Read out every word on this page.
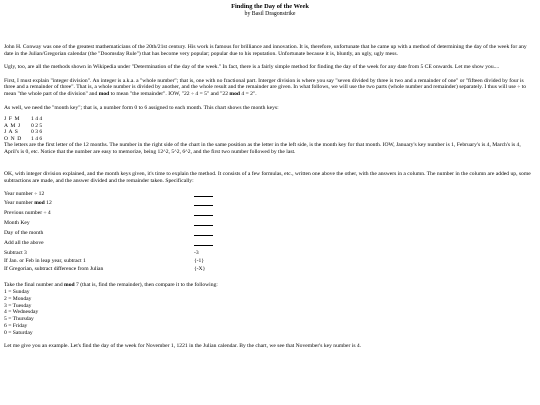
Finding the Day of the Week
by Basil Dragonstrike

John H. Conway was one of the greatest mathematicians of the 20th/21st century. His work is famous for brilliance and innovation. It is, therefore, unfortunate that he came up with a method of determining the day of the week for any date in the Julian/Gregorian calendar (the "Doomsday Rule") that has become very popular; popular due to his reputation. Unfortunate because it is, bluntly, an ugly, ugly mess.

Ugly, too, are all the methods shown in Wikipedia under "Determination of the day of the week." In fact, there is a fairly simple method for finding the day of the week for any date from 5 CE onwards. Let me show you....

First, I must explain "integer division". An integer is a.k.a. a "whole number"; that is, one with no fractional part. Interger division is where you say "seven divided by three is two and a remainder of one" or "fifteen divided by four is three and a remainder of three". That is, a whole number is divided by another, and the whole result and the remainder are given. In what follows, we will use the two parts (whole number and remainder) separately. I thus will use ÷ to mean "the whole part of the division" and mod to mean "the remainder". IOW, "22 ÷ 4 = 5" and "22 mod 4 = 2".

As well, we need the "month key"; that is, a number form 0 to 6 assigned to each month. This chart shows the month keys:

J F M	1 4 4
A M J	0 2 5
J A S	0 3 6
O N D	1 4 6

The letters are the first letter of the 12 months. The number in the right side of the chart in the same position as the letter in the left side, is the month key for that month. IOW, January's key number is 1, February's is 4, March's is 4, April's is 0, etc. Notice that the number are easy to memorize, being 12^2, 5^2, 6^2, and the first two number followed by the last.

OK, with integer division explained, and the month keys given, it's time to explain the method. It consists of a few formulas, etc., written one above the other, with the answers in a column. The number in the column are added up, some subtractions are made, and the answer divided and the remainder taken. Specifically:

Year number ÷ 12	
Year number mod 12	
Previous number ÷ 4	
Month Key	
Day of the month	
Add all the above	
Subtract 3	-3
If Jan. or Feb in leap year, subtract 1	{-1}
If Gregorian, subtract difference from Julian	{-X}
Take the final number and mod 7 (that is, find the remainder), then compare it to the following:
1 = Sunday
2 = Monday
3 = Tuesday
4 = Wednesday
5 = Thursday
6 = Friday
0 = Saturday

Let me give you an example. Let's find the day of the week for November 1, 1221 in the Julian calendar. By the chart, we see that November's key number is 4.
